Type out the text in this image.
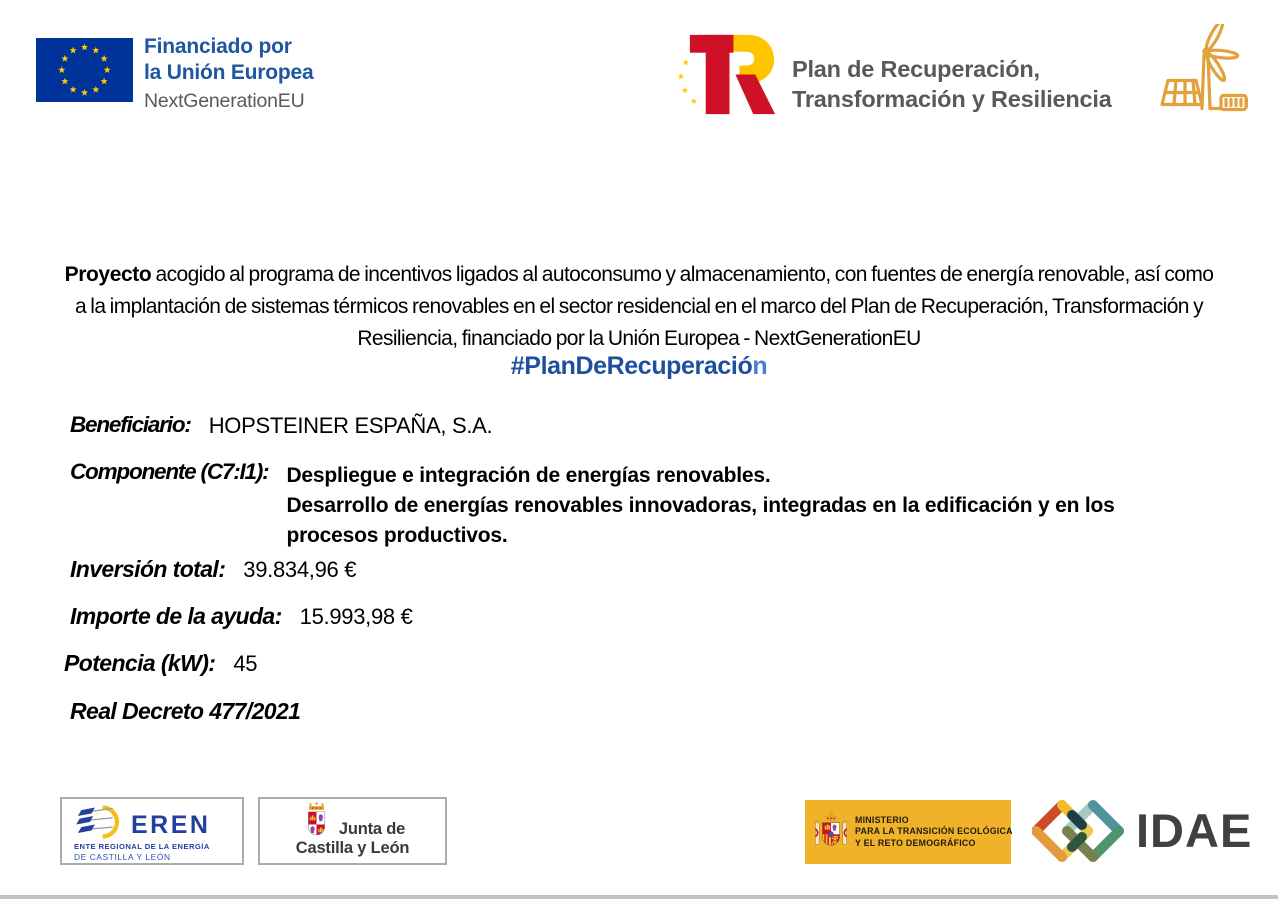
Financiado por
la Unión Europea
NextGenerationEU
Plan de Recuperación,
Transformación y Resiliencia

Proyecto acogido al programa de incentivos ligados al autoconsumo y almacenamiento, con fuentes de energía renovable, así como a la implantación de sistemas térmicos renovables en el sector residencial en el marco del Plan de Recuperación, Transformación y Resiliencia, financiado por la Unión Europea - NextGenerationEU

#PlanDeRecuperación
Beneficiario: HOPSTEINER ESPAÑA, S.A.
Componente (C7:I1): Despliegue e integración de energías renovables.

Desarrollo de energías renovables innovadoras, integradas en la edificación y en los

procesos productivos.

Inversión total: 39.834,96 €
Importe de la ayuda: 15.993,98 €
Potencia (kW): 45
Real Decreto 477/2021
EREN
ENTE REGIONAL DE LA ENERGÍA
DE CASTILLA Y LEÓN
Junta de
Castilla y León
MINISTERIO
PARA LA TRANSICIÓN ECOLÓGICA
Y EL RETO DEMOGRÁFICO	IDAE
